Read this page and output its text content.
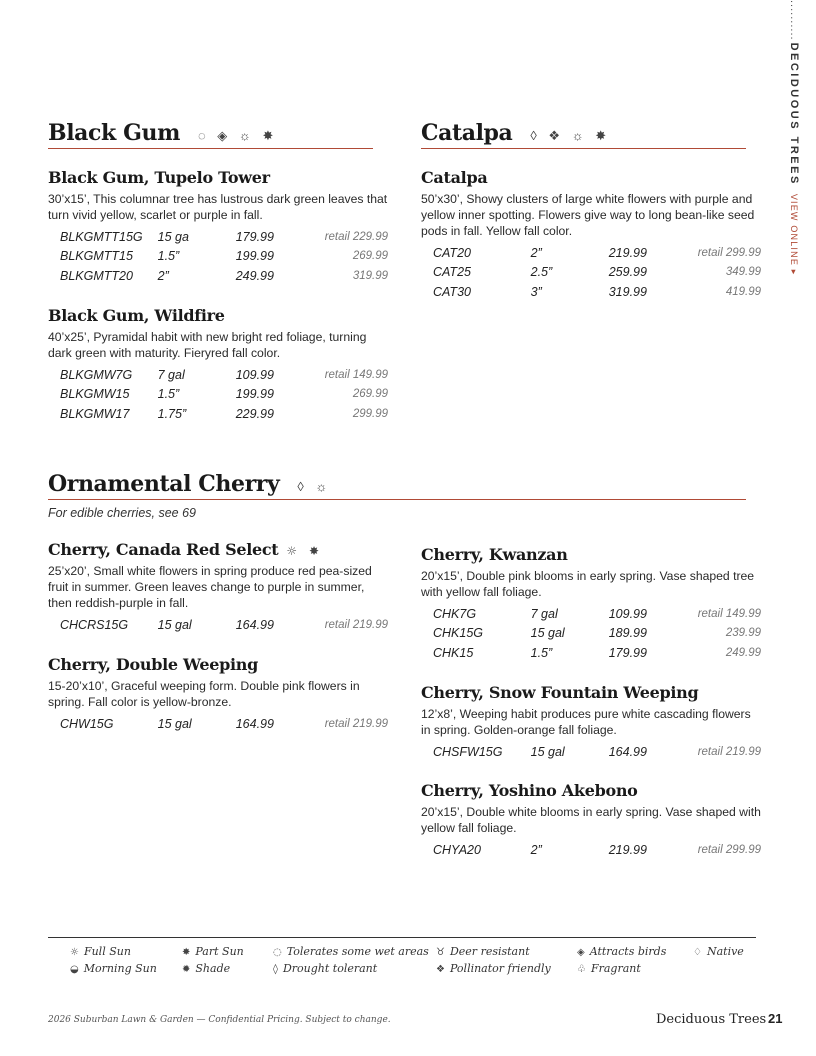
..........DECIDUOUS TREESVIEW ONLINE ▸
Black Gum ◌ ◈ ☼ ✸	Catalpa ◊ ❖ ☼ ✸
Black Gum, Tupelo Tower
30’x15’, This columnar tree has lustrous dark green leaves that turn vivid yellow, scarlet or purple in fall.
BLKGMTT15G	15 ga	179.99	retail 229.99
BLKGMTT15	1.5”	199.99	269.99
BLKGMTT20	2”	249.99	319.99
Black Gum, Wildfire
40’x25’, Pyramidal habit with new bright red foliage, turning dark green with maturity. Fieryred fall color.
BLKGMW7G	7 gal	109.99	retail 149.99
BLKGMW15	1.5”	199.99	269.99
BLKGMW17	1.75”	229.99	299.99
Catalpa
50’x30’, Showy clusters of large white flowers with purple and yellow inner spotting. Flowers give way to long bean-like seed pods in fall. Yellow fall color.
CAT20	2”	219.99	retail 299.99
CAT25	2.5”	259.99	349.99
CAT30	3”	319.99	419.99
Ornamental Cherry ◊ ☼
For edible cherries, see 69
Cherry, Canada Red Select ☼ ✸
25’x20’, Small white flowers in spring produce red pea-sized fruit in summer. Green leaves change to purple in summer, then reddish-purple in fall.
CHCRS15G	15 gal	164.99	retail 219.99
Cherry, Double Weeping
15-20’x10’, Graceful weeping form. Double pink flowers in spring. Fall color is yellow-bronze.
CHW15G	15 gal	164.99	retail 219.99
Cherry, Kwanzan
20’x15’, Double pink blooms in early spring. Vase shaped tree with yellow fall foliage.
CHK7G	7 gal	109.99	retail 149.99
CHK15G	15 gal	189.99	239.99
CHK15	1.5”	179.99	249.99
Cherry, Snow Fountain Weeping
12’x8’, Weeping habit produces pure white cascading flowers in spring. Golden-orange fall foliage.
CHSFW15G	15 gal	164.99	retail 219.99
Cherry, Yoshino Akebono
20’x15’, Double white blooms in early spring. Vase shaped with yellow fall foliage.
CHYA20	2”	219.99	retail 299.99
☼ Full Sun
◒ Morning Sun
✸ Part Sun
✹ Shade
◌ Tolerates some wet areas
◊ Drought tolerant
♉ Deer resistant
❖ Pollinator friendly
◈ Attracts birds
♧ Fragrant
♢ Native
2026 Suburban Lawn & Garden — Confidential Pricing. Subject to change.	Deciduous Trees 21
